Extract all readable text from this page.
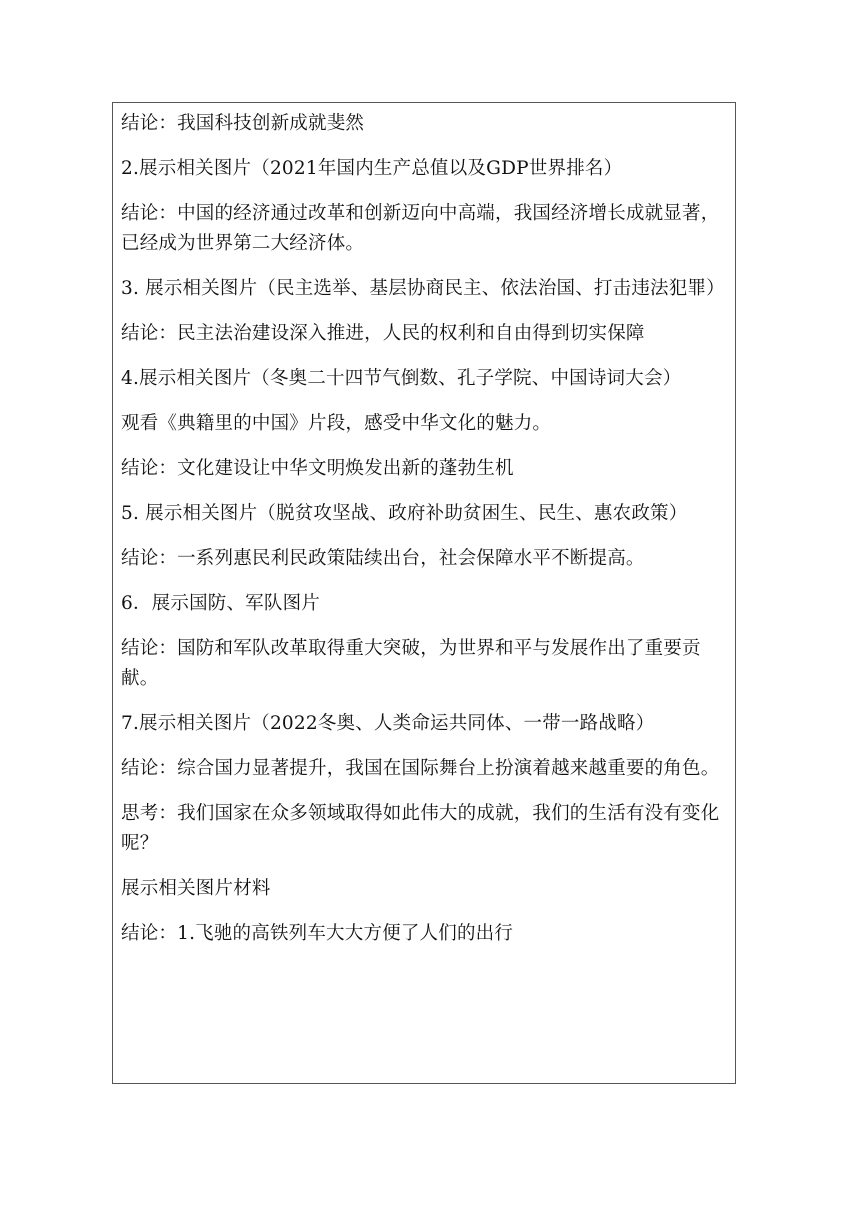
结论：我国科技创新成就斐然

2.展示相关图片（2021年国内生产总值以及GDP世界排名）

结论：中国的经济通过改革和创新迈向中高端，我国经济增长成就显著，已经成为世界第二大经济体。

3. 展示相关图片（民主选举、基层协商民主、依法治国、打击违法犯罪）

结论：民主法治建设深入推进，人民的权利和自由得到切实保障

4.展示相关图片（冬奥二十四节气倒数、孔子学院、中国诗词大会）

观看《典籍里的中国》片段，感受中华文化的魅力。

结论：文化建设让中华文明焕发出新的蓬勃生机

5. 展示相关图片（脱贫攻坚战、政府补助贫困生、民生、惠农政策）

结论：一系列惠民利民政策陆续出台，社会保障水平不断提高。

6．展示国防、军队图片

结论：国防和军队改革取得重大突破，为世界和平与发展作出了重要贡献。

7.展示相关图片（2022冬奥、人类命运共同体、一带一路战略）

结论：综合国力显著提升，我国在国际舞台上扮演着越来越重要的角色。

思考：我们国家在众多领域取得如此伟大的成就，我们的生活有没有变化呢？

展示相关图片材料

结论：1.飞驰的高铁列车大大方便了人们的出行
